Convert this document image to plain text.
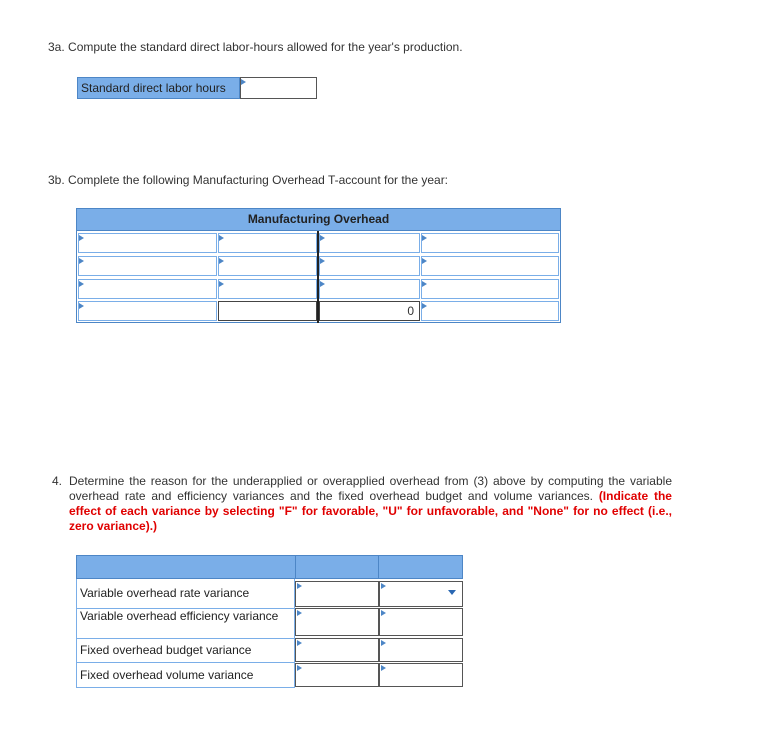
3a. Compute the standard direct labor-hours allowed for the year's production.
Standard direct labor hours
3b. Complete the following Manufacturing Overhead T-account for the year:
Manufacturing Overhead
0
4. Determine the reason for the underapplied or overapplied overhead from (3) above by computing the variable overhead rate and efficiency variances and the fixed overhead budget and volume variances. (Indicate the effect of each variance by selecting "F" for favorable, "U" for unfavorable, and "None" for no effect (i.e., zero variance).)
Variable overhead rate variance
Variable overhead efficiency variance
Fixed overhead budget variance
Fixed overhead volume variance
